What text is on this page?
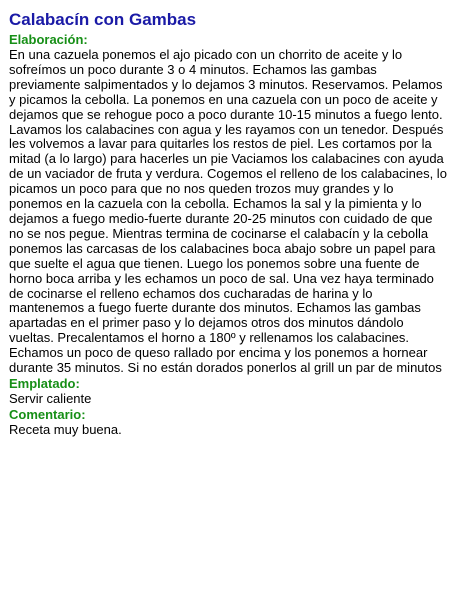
Calabacín con Gambas
Elaboración:

En una cazuela ponemos el ajo picado con un chorrito de aceite y lo sofreímos un poco durante 3 o 4 minutos. Echamos las gambas previamente salpimentados y lo dejamos 3 minutos. Reservamos. Pelamos y picamos la cebolla. La ponemos en una cazuela con un poco de aceite y dejamos que se rehogue poco a poco durante 10-15 minutos a fuego lento. Lavamos los calabacines con agua y les rayamos con un tenedor. Después les volvemos a lavar para quitarles los restos de piel. Les cortamos por la mitad (a lo largo) para hacerles un pie Vaciamos los calabacines con ayuda de un vaciador de fruta y verdura. Cogemos el relleno de los calabacines, lo picamos un poco para que no nos queden trozos muy grandes y lo ponemos en la cazuela con la cebolla. Echamos la sal y la pimienta y lo dejamos a fuego medio-fuerte durante 20-25 minutos con cuidado de que no se nos pegue. Mientras termina de cocinarse el calabacín y la cebolla ponemos las carcasas de los calabacines boca abajo sobre un papel para que suelte el agua que tienen. Luego los ponemos sobre una fuente de horno boca arriba y les echamos un poco de sal. Una vez haya terminado de cocinarse el relleno echamos dos cucharadas de harina y lo mantenemos a fuego fuerte durante dos minutos. Echamos las gambas apartadas en el primer paso y lo dejamos otros dos minutos dándolo vueltas. Precalentamos el horno a 180º y rellenamos los calabacines. Echamos un poco de queso rallado por encima y los ponemos a hornear durante 35 minutos. Si no están dorados ponerlos al grill un par de minutos

Emplatado:

Servir caliente

Comentario:

Receta muy buena.
